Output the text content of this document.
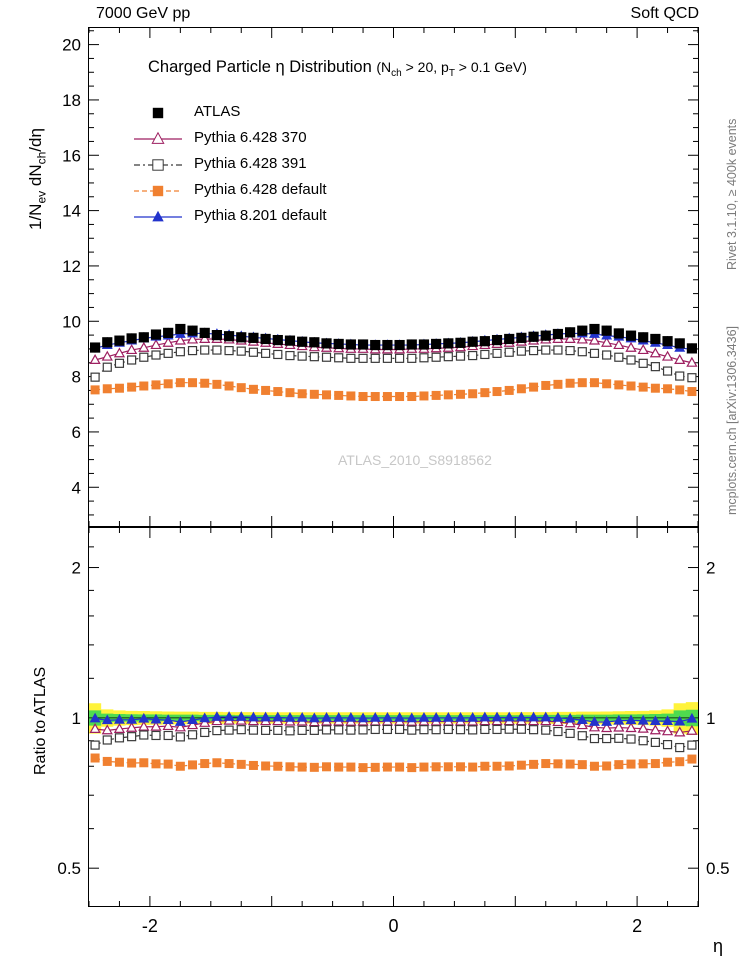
7000 GeV pp	Soft QCD
4
6
8
10
12
14
16
18
20
0.5	0.5
1	1
2	2
-2	0	2
Charged Particle η Distribution ($N_{ch} > 20$, $p_T > 0.1$ GeV)
ATLAS
Pythia 6.428 370
Pythia 6.428 391
Pythia 6.428 default
Pythia 8.201 default
ATLAS_2010_S8918562
$1/N_{ev}$ $dN_{ch}/d\eta$
Ratio to ATLAS
η
Rivet 3.1.10, ≥ 400k events
mcplots.cern.ch [arXiv:1306.3436]
